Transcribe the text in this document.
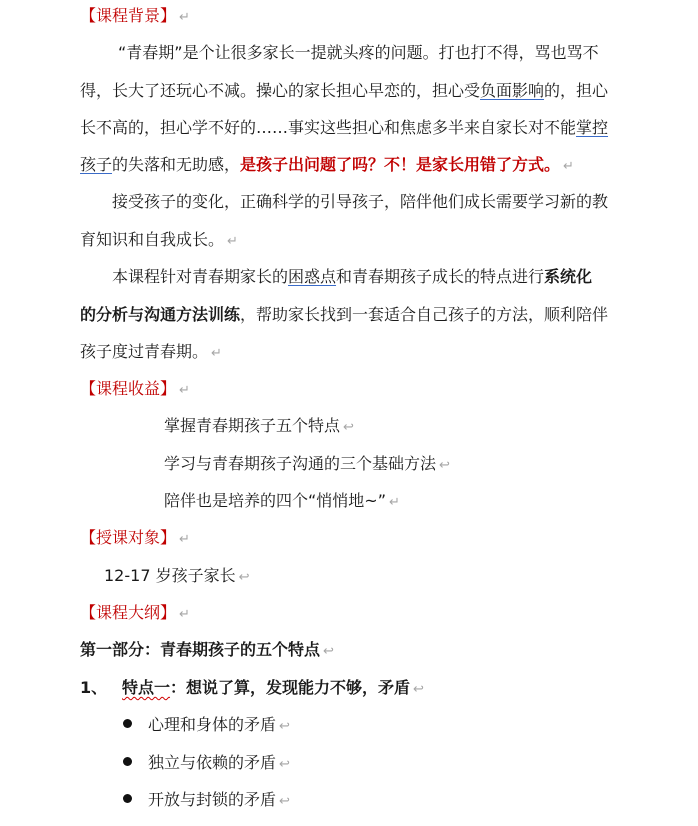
【课程背景】 ↵
“青春期”是个让很多家长一提就头疼的问题。打也打不得，骂也骂不
得，长大了还玩心不减。操心的家长担心早恋的，担心受负面影响的，担心
长不高的，担心学不好的……事实这些担心和焦虑多半来自家长对不能掌控
孩子的失落和无助感，是孩子出问题了吗？不！是家长用错了方式。 ↵
接受孩子的变化，正确科学的引导孩子，陪伴他们成长需要学习新的教
育知识和自我成长。 ↵
本课程针对青春期家长的困惑点和青春期孩子成长的特点进行系统化
的分析与沟通方法训练，帮助家长找到一套适合自己孩子的方法，顺利陪伴
孩子度过青春期。 ↵
【课程收益】 ↵
掌握青春期孩子五个特点 ↩
学习与青春期孩子沟通的三个基础方法 ↩
陪伴也是培养的四个“悄悄地~” ↵
【授课对象】 ↵
12-17 岁孩子家长 ↩
【课程大纲】 ↵
第一部分：青春期孩子的五个特点 ↩
1、 特点一：想说了算，发现能力不够，矛盾 ↩
心理和身体的矛盾 ↩
独立与依赖的矛盾 ↩
开放与封锁的矛盾 ↩
